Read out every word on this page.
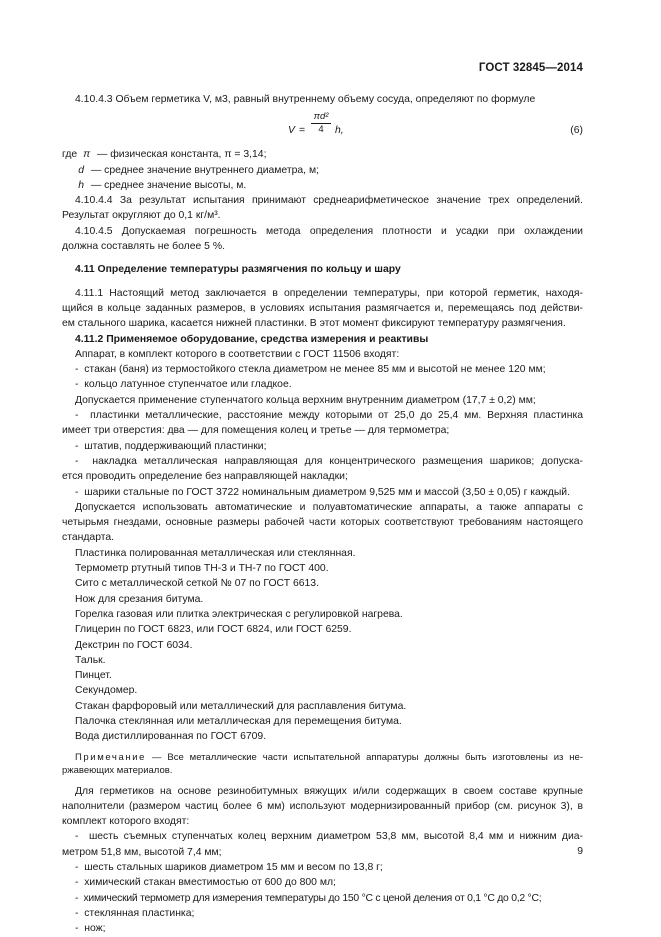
ГОСТ 32845—2014

4.10.4.3 Объем герметика V, м3, равный внутреннему объему сосуда, определяют по формуле

$V = \frac{\text{πd²}}{4} h$,	(6)

где π — физическая константа, π = 3,14;

d — среднее значение внутреннего диаметра, м;

h — среднее значение высоты, м.

4.10.4.4 За результат испытания принимают среднеарифметическое значение трех определений.

Результат округляют до 0,1 кг/м³.

4.10.4.5 Допускаемая погрешность метода определения плотности и усадки при охлаждении

должна составлять не более 5 %.

4.11 Определение температуры размягчения по кольцу и шару

4.11.1 Настоящий метод заключается в определении температуры, при которой герметик, находя-

щийся в кольце заданных размеров, в условиях испытания размягчается и, перемещаясь под действи-

ем стального шарика, касается нижней пластинки. В этот момент фиксируют температуру размягчения.

4.11.2 Применяемое оборудование, средства измерения и реактивы

Аппарат, в комплект которого в соответствии с ГОСТ 11506 входят:

- стакан (баня) из термостойкого стекла диаметром не менее 85 мм и высотой не менее 120 мм;

- кольцо латунное ступенчатое или гладкое.

Допускается применение ступенчатого кольца верхним внутренним диаметром (17,7 ± 0,2) мм;

- пластинки металлические, расстояние между которыми от 25,0 до 25,4 мм. Верхняя пластинка

имеет три отверстия: два — для помещения колец и третье — для термометра;

- штатив, поддерживающий пластинки;

- накладка металлическая направляющая для концентрического размещения шариков; допуска-

ется проводить определение без направляющей накладки;

- шарики стальные по ГОСТ 3722 номинальным диаметром 9,525 мм и массой (3,50 ± 0,05) г каждый.

Допускается использовать автоматические и полуавтоматические аппараты, а также аппараты с

четырьмя гнездами, основные размеры рабочей части которых соответствуют требованиям настоящего

стандарта.

Пластинка полированная металлическая или стеклянная.

Термометр ртутный типов ТН-3 и ТН-7 по ГОСТ 400.

Сито с металлической сеткой № 07 по ГОСТ 6613.

Нож для срезания битума.

Горелка газовая или плитка электрическая с регулировкой нагрева.

Глицерин по ГОСТ 6823, или ГОСТ 6824, или ГОСТ 6259.

Декстрин по ГОСТ 6034.

Тальк.

Пинцет.

Секундомер.

Стакан фарфоровый или металлический для расплавления битума.

Палочка стеклянная или металлическая для перемещения битума.

Вода дистиллированная по ГОСТ 6709.

Примечание — Все металлические части испытательной аппаратуры должны быть изготовлены из не-

ржавеющих материалов.

Для герметиков на основе резинобитумных вяжущих и/или содержащих в своем составе крупные

наполнители (размером частиц более 6 мм) используют модернизированный прибор (см. рисунок 3), в

комплект которого входят:

- шесть съемных ступенчатых колец верхним диаметром 53,8 мм, высотой 8,4 мм и нижним диа-

метром 51,8 мм, высотой 7,4 мм;

- шесть стальных шариков диаметром 15 мм и весом по 13,8 г;

- химический стакан вместимостью от 600 до 800 мл;

- химический термометр для измерения температуры до 150 °С с ценой деления от 0,1 °С до 0,2 °С;

- стеклянная пластинка;

- нож;

9
